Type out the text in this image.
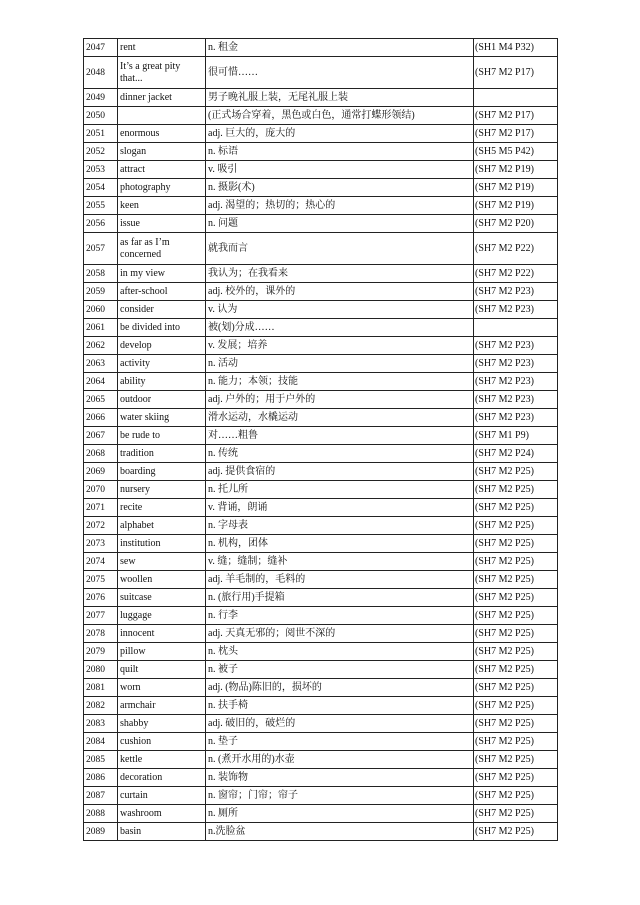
2047	rent	n. 租金	(SH1 M4 P32)
2048	It’s a great pity that...	很可惜……	(SH7 M2 P17)
2049	dinner jacket	男子晚礼服上装，无尾礼服上装	
2050		(正式场合穿着，黑色或白色，通常打蝶形领结)	(SH7 M2 P17)
2051	enormous	adj. 巨大的，庞大的	(SH7 M2 P17)
2052	slogan	n. 标语	(SH5 M5 P42)
2053	attract	v. 吸引	(SH7 M2 P19)
2054	photography	n. 摄影(术)	(SH7 M2 P19)
2055	keen	adj. 渴望的；热切的；热心的	(SH7 M2 P19)
2056	issue	n. 问题	(SH7 M2 P20)
2057	as far as I’m concerned	就我而言	(SH7 M2 P22)
2058	in my view	我认为；在我看来	(SH7 M2 P22)
2059	after-school	adj. 校外的，课外的	(SH7 M2 P23)
2060	consider	v. 认为	(SH7 M2 P23)
2061	be divided into	被(划)分成……	
2062	develop	v. 发展；培养	(SH7 M2 P23)
2063	activity	n. 活动	(SH7 M2 P23)
2064	ability	n. 能力；本领；技能	(SH7 M2 P23)
2065	outdoor	adj. 户外的；用于户外的	(SH7 M2 P23)
2066	water skiing	滑水运动，水橇运动	(SH7 M2 P23)
2067	be rude to	对……粗鲁	(SH7 M1 P9)
2068	tradition	n. 传统	(SH7 M2 P24)
2069	boarding	adj. 提供食宿的	(SH7 M2 P25)
2070	nursery	n. 托儿所	(SH7 M2 P25)
2071	recite	v. 背诵，朗诵	(SH7 M2 P25)
2072	alphabet	n. 字母表	(SH7 M2 P25)
2073	institution	n. 机构，团体	(SH7 M2 P25)
2074	sew	v. 缝；缝制；缝补	(SH7 M2 P25)
2075	woollen	adj. 羊毛制的，毛料的	(SH7 M2 P25)
2076	suitcase	n. (旅行用)手提箱	(SH7 M2 P25)
2077	luggage	n. 行李	(SH7 M2 P25)
2078	innocent	adj. 天真无邪的；阅世不深的	(SH7 M2 P25)
2079	pillow	n. 枕头	(SH7 M2 P25)
2080	quilt	n. 被子	(SH7 M2 P25)
2081	worn	adj. (物品)陈旧的，损坏的	(SH7 M2 P25)
2082	armchair	n. 扶手椅	(SH7 M2 P25)
2083	shabby	adj. 破旧的，破烂的	(SH7 M2 P25)
2084	cushion	n. 垫子	(SH7 M2 P25)
2085	kettle	n. (煮开水用的)水壶	(SH7 M2 P25)
2086	decoration	n. 装饰物	(SH7 M2 P25)
2087	curtain	n. 窗帘；门帘；帘子	(SH7 M2 P25)
2088	washroom	n. 厕所	(SH7 M2 P25)
2089	basin	n.洗脸盆	(SH7 M2 P25)
